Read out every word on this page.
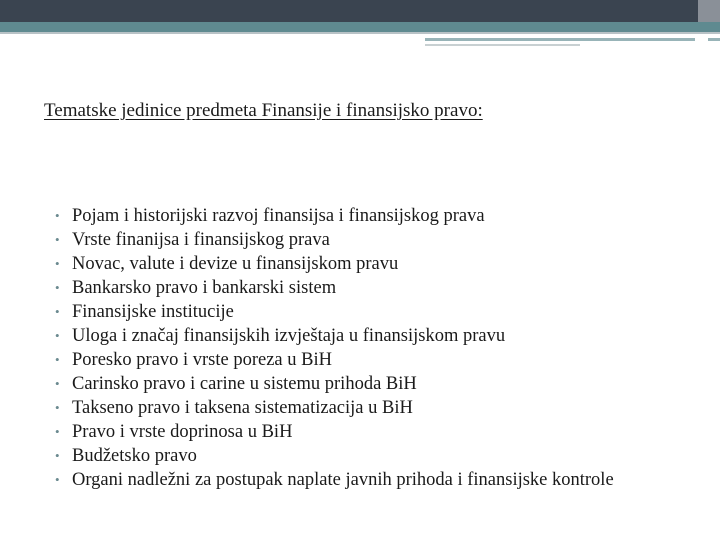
Tematske jedinice predmeta Finansije i finansijsko pravo:
• Pojam i historijski razvoj finansijsa i finansijskog prava
• Vrste finanijsa i finansijskog prava
• Novac, valute i devize u finansijskom pravu
• Bankarsko pravo i bankarski sistem
• Finansijske institucije
• Uloga i značaj finansijskih izvještaja u finansijskom pravu
• Poresko pravo i vrste poreza u BiH
• Carinsko pravo i carine u sistemu prihoda BiH
• Takseno pravo i taksena sistematizacija u BiH
• Pravo i vrste doprinosa u BiH
• Budžetsko pravo
• Organi nadležni za postupak naplate javnih prihoda i finansijske kontrole
